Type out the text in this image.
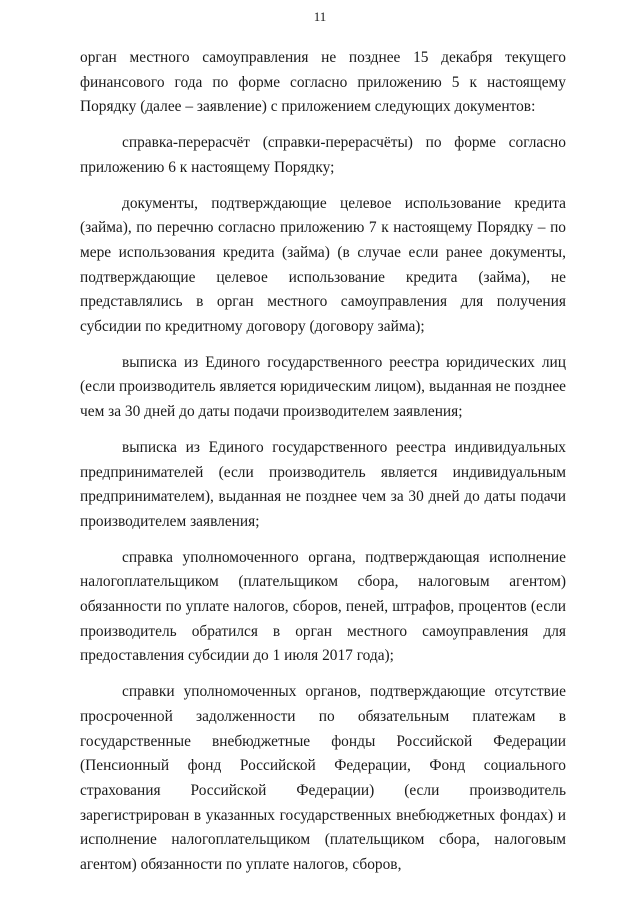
11

орган местного самоуправления не позднее 15 декабря текущего финансового года по форме согласно приложению 5 к настоящему Порядку (далее – заявление) с приложением следующих документов:

справка-перерасчёт (справки-перерасчёты) по форме согласно приложению 6 к настоящему Порядку;

документы, подтверждающие целевое использование кредита (займа), по перечню согласно приложению 7 к настоящему Порядку – по мере использования кредита (займа) (в случае если ранее документы, подтверждающие целевое использование кредита (займа), не представлялись в орган местного самоуправления для получения субсидии по кредитному договору (договору займа);

выписка из Единого государственного реестра юридических лиц (если производитель является юридическим лицом), выданная не позднее чем за 30 дней до даты подачи производителем заявления;

выписка из Единого государственного реестра индивидуальных предпринимателей (если производитель является индивидуальным предпринимателем), выданная не позднее чем за 30 дней до даты подачи производителем заявления;

справка уполномоченного органа, подтверждающая исполнение налогоплательщиком (плательщиком сбора, налоговым агентом) обязанности по уплате налогов, сборов, пеней, штрафов, процентов (если производитель обратился в орган местного самоуправления для предоставления субсидии до 1 июля 2017 года);

справки уполномоченных органов, подтверждающие отсутствие просроченной задолженности по обязательным платежам в государственные внебюджетные фонды Российской Федерации (Пенсионный фонд Российской Федерации, Фонд социального страхования Российской Федерации) (если производитель зарегистрирован в указанных государственных внебюджетных фондах) и исполнение налогоплательщиком (плательщиком сбора, налоговым агентом) обязанности по уплате налогов, сборов,
